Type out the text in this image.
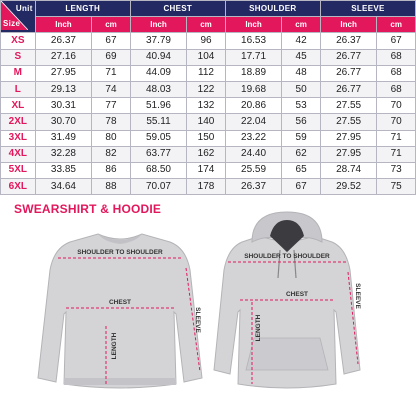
Unit
Size	LENGTH		CHEST		SHOULDER		SLEEVE	
	Inch	cm	Inch	cm	Inch	cm	Inch	cm
XS	26.37	67	37.79	96	16.53	42	26.37	67
S	27.16	69	40.94	104	17.71	45	26.77	68
M	27.95	71	44.09	112	18.89	48	26.77	68
L	29.13	74	48.03	122	19.68	50	26.77	68
XL	30.31	77	51.96	132	20.86	53	27.55	70
2XL	30.70	78	55.11	140	22.04	56	27.55	70
3XL	31.49	80	59.05	150	23.22	59	27.95	71
4XL	32.28	82	63.77	162	24.40	62	27.95	71
5XL	33.85	86	68.50	174	25.59	65	28.74	73
6XL	34.64	88	70.07	178	26.37	67	29.52	75
SWEARSHIRT & HOODIE
SHOULDER TO SHOULDER
CHEST
LENGTH
SLEEVE
SHOULDER TO SHOULDER
CHEST
LENGTH
SLEEVE
